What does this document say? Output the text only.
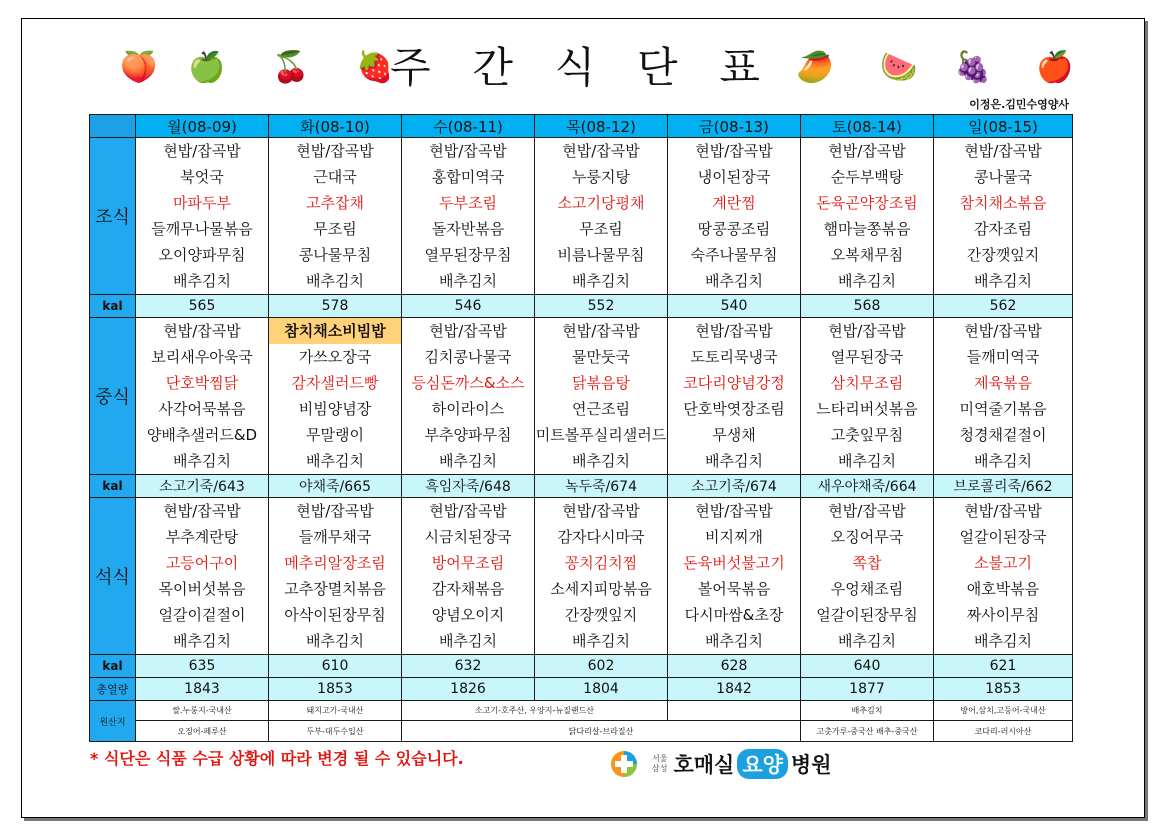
🍑 🍏 🍒 🍓
주 간 식 단 표 🥭 🍉 🍇 🍎
이정은.김민수영양사
	월(08-09)	화(08-10)	수(08-11)	목(08-12)	금(08-13)	토(08-14)	일(08-15)
조식	현밥/잡곡밥	현밥/잡곡밥	현밥/잡곡밥	현밥/잡곡밥	현밥/잡곡밥	현밥/잡곡밥	현밥/잡곡밥
	북엇국	근대국	홍합미역국	누룽지탕	냉이된장국	순두부백탕	콩나물국
	마파두부	고추잡채	두부조림	소고기당평채	계란찜	돈육곤약장조림	참치채소볶음
	들깨무나물볶음	무조림	돌자반볶음	무조림	땅콩콩조림	햄마늘쫑볶음	감자조림
	오이양파무침	콩나물무침	열무된장무침	비름나물무침	숙주나물무침	오복채무침	간장깻잎지
	배추김치	배추김치	배추김치	배추김치	배추김치	배추김치	배추김치
kal	565	578	546	552	540	568	562
중식	현밥/잡곡밥	참치채소비빔밥	현밥/잡곡밥	현밥/잡곡밥	현밥/잡곡밥	현밥/잡곡밥	현밥/잡곡밥
	보리새우아욱국	가쓰오장국	김치콩나물국	물만둣국	도토리묵냉국	열무된장국	들깨미역국
	단호박찜닭	감자샐러드빵	등심돈까스&소스	닭볶음탕	코다리양념강정	삼치무조림	제육볶음
	사각어묵볶음	비빔양념장	하이라이스	연근조림	단호박엿장조림	느타리버섯볶음	미역줄기볶음
	양배추샐러드&D	무말랭이	부추양파무침	미트볼푸실리샐러드	무생채	고춧잎무침	청경채겉절이
	배추김치	배추김치	배추김치	배추김치	배추김치	배추김치	배추김치
kal	소고기죽/643	야채죽/665	흑임자죽/648	녹두죽/674	소고기죽/674	새우야채죽/664	브로콜리죽/662
석식	현밥/잡곡밥	현밥/잡곡밥	현밥/잡곡밥	현밥/잡곡밥	현밥/잡곡밥	현밥/잡곡밥	현밥/잡곡밥
	부추계란탕	들깨무채국	시금치된장국	감자다시마국	비지찌개	오징어무국	얼갈이된장국
	고등어구이	메추리알장조림	방어무조림	꽁치김치찜	돈육버섯불고기	쪽찹	소불고기
	목이버섯볶음	고추장멸치볶음	감자채볶음	소세지피망볶음	볼어묵볶음	우엉채조림	애호박볶음
	얼갈이겉절이	아삭이된장무침	양념오이지	간장깻잎지	다시마쌈&초장	얼갈이된장무침	짜사이무침
	배추김치	배추김치	배추김치	배추김치	배추김치	배추김치	배추김치
kal	635	610	632	602	628	640	621
총열량	1843	1853	1826	1804	1842	1877	1853
원산지	쌀.누룽지-국내산	돼지고기-국내산	소고기-호주산, 우양지-뉴질랜드산			배추김치	방어,삼치,고등어-국내산
	오징어-페루산	두부-대두수입산	닭다리살-브라질산			고춧가루-중국산 배추-중국산	코다리-러시아산
* 식단은 식품 수급 상황에 따라 변경 될 수 있습니다.	서울
삼성 호매실 요양 병원
